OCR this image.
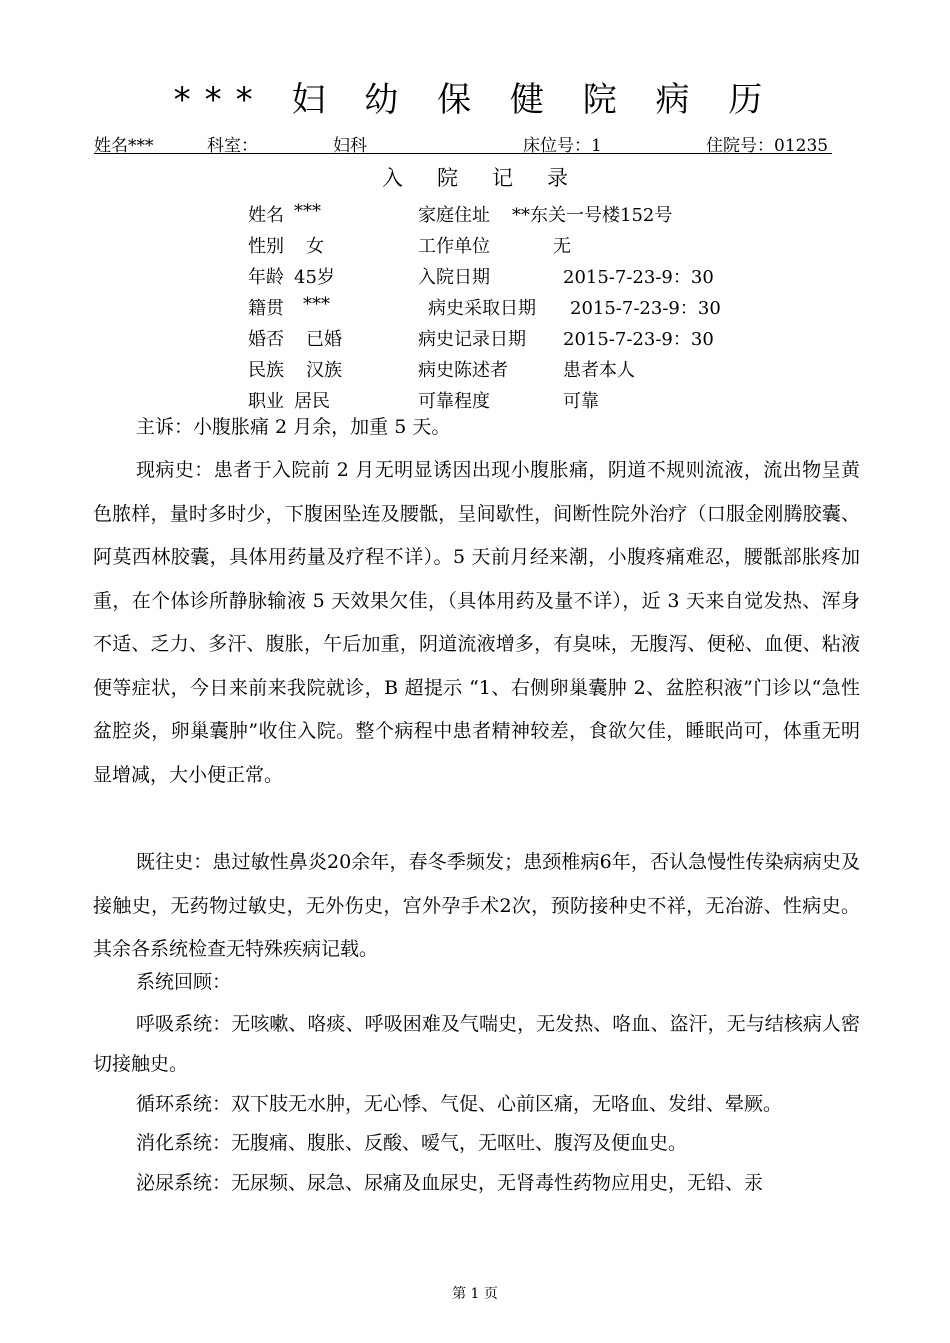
*** 妇 幼 保 健 院 病 历
姓名***	科室：	妇科	床位号：1	住院号：01235
入院记录
姓名 ***	家庭住址 **东关一号楼152号
性别 女	工作单位	无
年龄 45岁	入院日期	2015-7-23-9：30
籍贯 ***	病史采取日期 2015-7-23-9：30
婚否 已婚	病史记录日期 2015-7-23-9：30
民族 汉族	病史陈述者	患者本人
职业 居民	可靠程度	可靠
主诉：小腹胀痛 2 月余，加重 5 天。
现病史：患者于入院前 2 月无明显诱因出现小腹胀痛，阴道不规则流液，流出物呈黄色脓样，量时多时少，下腹困坠连及腰骶，呈间歇性，间断性院外治疗（口服金刚腾胶囊、阿莫西林胶囊，具体用药量及疗程不详）。5 天前月经来潮，小腹疼痛难忍，腰骶部胀疼加重，在个体诊所静脉输液 5 天效果欠佳，（具体用药及量不详），近 3 天来自觉发热、浑身不适、乏力、多汗、腹胀，午后加重，阴道流液增多，有臭味，无腹泻、便秘、血便、粘液便等症状，今日来前来我院就诊，B 超提示 “1、右侧卵巢囊肿 2、盆腔积液”门诊以“急性盆腔炎，卵巢囊肿”收住入院。整个病程中患者精神较差，食欲欠佳，睡眠尚可，体重无明显增减，大小便正常。
既往史：患过敏性鼻炎20余年，春冬季频发；患颈椎病6年，否认急慢性传染病病史及接触史，无药物过敏史，无外伤史，宫外孕手术2次，预防接种史不祥，无冶游、性病史。其余各系统检查无特殊疾病记载。
系统回顾：
呼吸系统：无咳嗽、咯痰、呼吸困难及气喘史，无发热、咯血、盗汗，无与结核病人密切接触史。
循环系统：双下肢无水肿，无心悸、气促、心前区痛，无咯血、发绀、晕厥。
消化系统：无腹痛、腹胀、反酸、嗳气，无呕吐、腹泻及便血史。
泌尿系统：无尿频、尿急、尿痛及血尿史，无肾毒性药物应用史，无铅、汞
第 1 页
